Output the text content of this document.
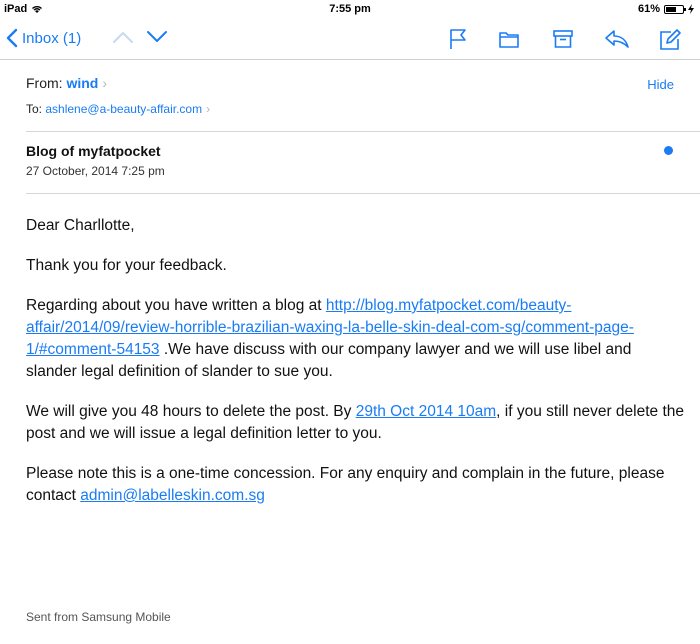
iPad	7:55 pm	61%
Inbox (1)
From: wind ›	Hide
To: ashlene@a-beauty-affair.com ›
Blog of myfatpocket
27 October, 2014 7:25 pm

Dear Charllotte,

Thank you for your feedback.

Regarding about you have written a blog at http://blog.myfatpocket.com/beauty-affair/2014/09/review-horrible-brazilian-waxing-la-belle-skin-deal-com-sg/comment-page-1/#comment-54153 .We have discuss with our company lawyer and we will use libel and slander legal definition of slander to sue you.

We will give you 48 hours to delete the post. By 29th Oct 2014 10am, if you still never delete the post and we will issue a legal definition letter to you.

Please note this is a one-time concession. For any enquiry and complain in the future, please contact admin@labelleskin.com.sg

Sent from Samsung Mobile
